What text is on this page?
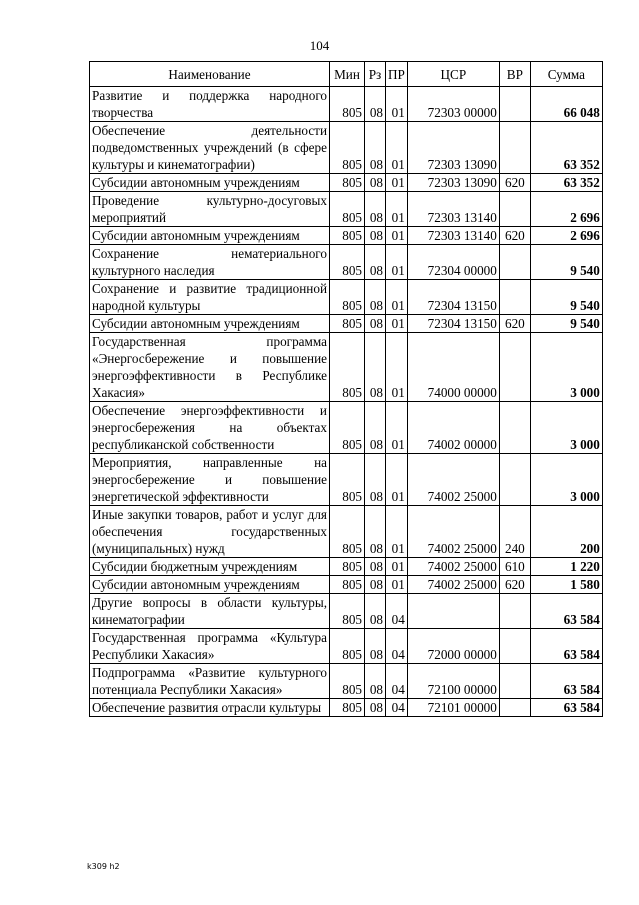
104
Наименование	Мин	Рз	ПР	ЦСР	ВР	Сумма
Развитие и поддержка народного творчества	805	08	01	72303 00000		66 048
Обеспечение деятельности подведомственных учреждений (в сфере культуры и кинематографии)	805	08	01	72303 13090		63 352
Субсидии автономным учреждениям	805	08	01	72303 13090	620	63 352
Проведение культурно-досуговых мероприятий	805	08	01	72303 13140		2 696
Субсидии автономным учреждениям	805	08	01	72303 13140	620	2 696
Сохранение нематериального культурного наследия	805	08	01	72304 00000		9 540
Сохранение и развитие традиционной народной культуры	805	08	01	72304 13150		9 540
Субсидии автономным учреждениям	805	08	01	72304 13150	620	9 540
Государственная программа «Энергосбережение и повышение энергоэффективности в Республике Хакасия»	805	08	01	74000 00000		3 000
Обеспечение энергоэффективности и энергосбережения на объектах республиканской собственности	805	08	01	74002 00000		3 000
Мероприятия, направленные на энергосбережение и повышение энергетической эффективности	805	08	01	74002 25000		3 000
Иные закупки товаров, работ и услуг для обеспечения государственных (муниципальных) нужд	805	08	01	74002 25000	240	200
Субсидии бюджетным учреждениям	805	08	01	74002 25000	610	1 220
Субсидии автономным учреждениям	805	08	01	74002 25000	620	1 580
Другие вопросы в области культуры, кинематографии	805	08	04			63 584
Государственная программа «Культура Республики Хакасия»	805	08	04	72000 00000		63 584
Подпрограмма «Развитие культурного потенциала Республики Хакасия»	805	08	04	72100 00000		63 584
Обеспечение развития отрасли культуры	805	08	04	72101 00000		63 584
k309 h2
